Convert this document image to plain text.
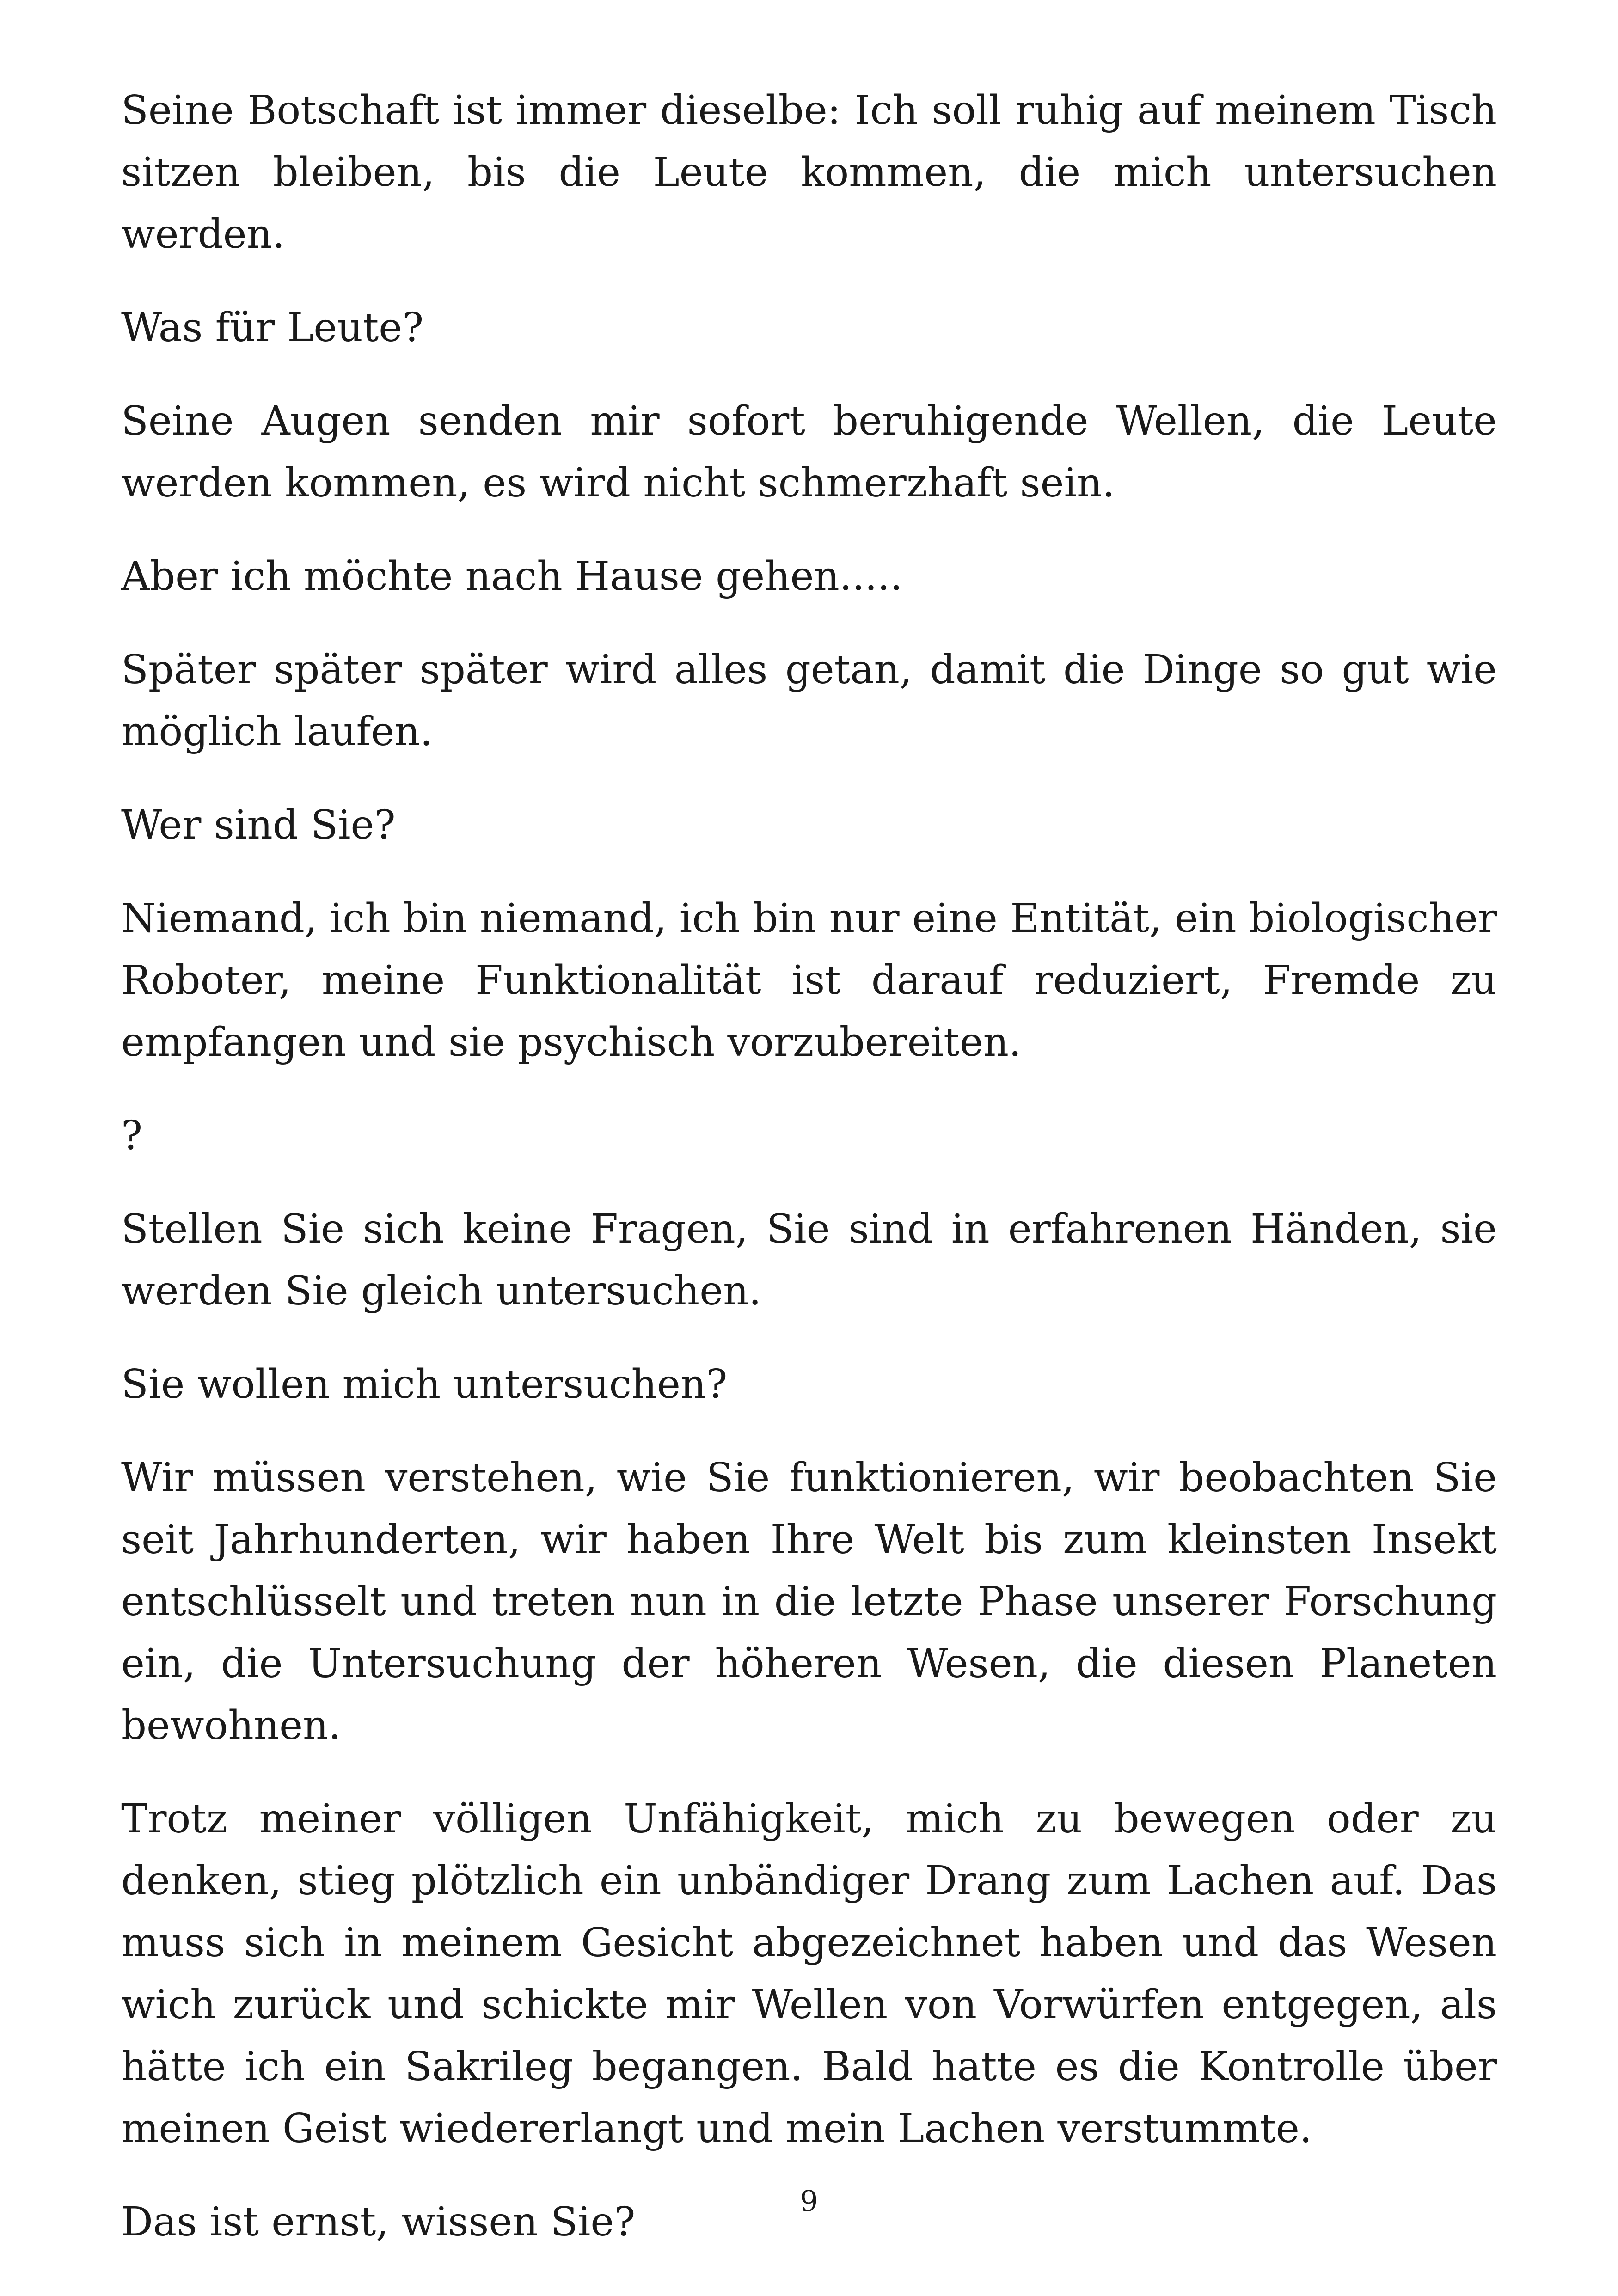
Seine Botschaft ist immer dieselbe: Ich soll ruhig auf meinem Tisch sitzen bleiben, bis die Leute kommen, die mich untersuchen werden.

Was für Leute?

Seine Augen senden mir sofort beruhigende Wellen, die Leute werden kommen, es wird nicht schmerzhaft sein.

Aber ich möchte nach Hause gehen.....

Später später später wird alles getan, damit die Dinge so gut wie möglich laufen.

Wer sind Sie?

Niemand, ich bin niemand, ich bin nur eine Entität, ein biologischer Roboter, meine Funktionalität ist darauf reduziert, Fremde zu empfangen und sie psychisch vorzubereiten.

?

Stellen Sie sich keine Fragen, Sie sind in erfahrenen Händen, sie werden Sie gleich untersuchen.

Sie wollen mich untersuchen?

Wir müssen verstehen, wie Sie funktionieren, wir beobachten Sie seit Jahrhunderten, wir haben Ihre Welt bis zum kleinsten Insekt entschlüsselt und treten nun in die letzte Phase unserer Forschung ein, die Untersuchung der höheren Wesen, die diesen Planeten bewohnen.

Trotz meiner völligen Unfähigkeit, mich zu bewegen oder zu denken, stieg plötzlich ein unbändiger Drang zum Lachen auf. Das muss sich in meinem Gesicht abgezeichnet haben und das Wesen wich zurück und schickte mir Wellen von Vorwürfen entgegen, als hätte ich ein Sakrileg begangen. Bald hatte es die Kontrolle über meinen Geist wiedererlangt und mein Lachen verstummte.

Das ist ernst, wissen Sie?	9
